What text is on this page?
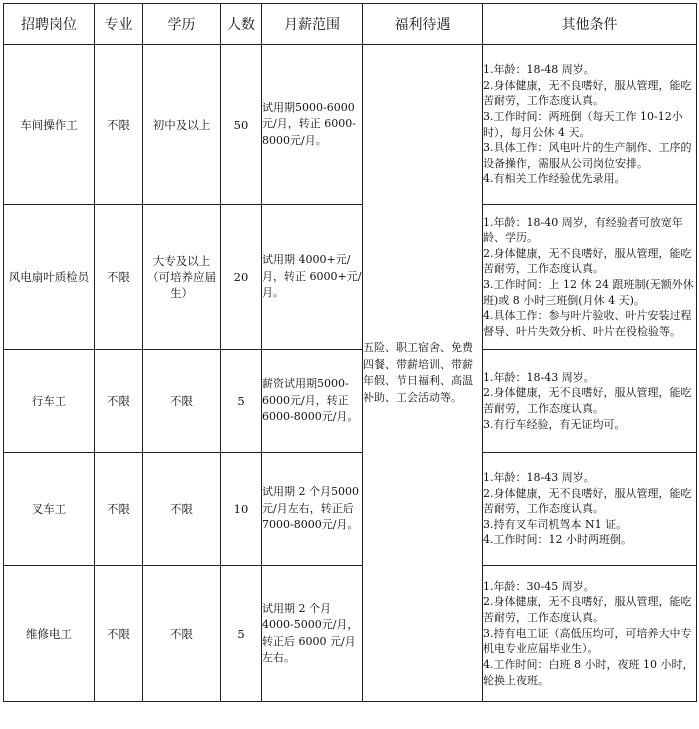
招聘岗位	专业	学历	人数	月薪范围	福利待遇	其他条件
车间操作工	不限	初中及以上	50	试用期5000-6000元/月，转正 6000-8000元/月。	五险、职工宿舍、免费四餐、带薪培训、带薪年假、节日福利、高温补助、工会活动等。	1.年龄：18-48 周岁。
2.身体健康，无不良嗜好，服从管理，能吃苦耐劳，工作态度认真。
3.工作时间：两班倒（每天工作 10-12小时），每月公休 4 天。
3.具体工作：风电叶片的生产制作、工序的设备操作，需服从公司岗位安排。
4.有相关工作经验优先录用。

风电扇叶质检员	不限	大专及以上（可培养应届生）	20	试用期 4000+元/月，转正 6000+元/月。		1.年龄：18-40 周岁，有经验者可放宽年龄、学历。
2.身体健康，无不良嗜好，服从管理，能吃苦耐劳，工作态度认真。
3.工作时间：上 12 休 24 跟班制(无额外休班)或 8 小时三班倒(月休 4 天)。
4.具体工作：参与叶片验收、叶片安装过程督导、叶片失效分析、叶片在役检验等。

行车工	不限	不限	5	薪资试用期5000-6000元/月，转正 6000-8000元/月。		1.年龄：18-43 周岁。
2.身体健康，无不良嗜好，服从管理，能吃苦耐劳，工作态度认真。
3.有行车经验，有无证均可。

叉车工	不限	不限	10	试用期 2 个月5000 元/月左右，转正后7000-8000元/月。		1.年龄：18-43 周岁。
2.身体健康，无不良嗜好，服从管理，能吃苦耐劳，工作态度认真。
3.持有叉车司机驾本 N1 证。
4.工作时间：12 小时两班倒。

维修电工	不限	不限	5	试用期 2 个月4000-5000元/月，转正后 6000 元/月左右。		1.年龄：30-45 周岁。
2.身体健康，无不良嗜好，服从管理，能吃苦耐劳，工作态度认真。
3.持有电工证（高低压均可，可培养大中专机电专业应届毕业生）。
4.工作时间：白班 8 小时，夜班 10 小时，轮换上夜班。
